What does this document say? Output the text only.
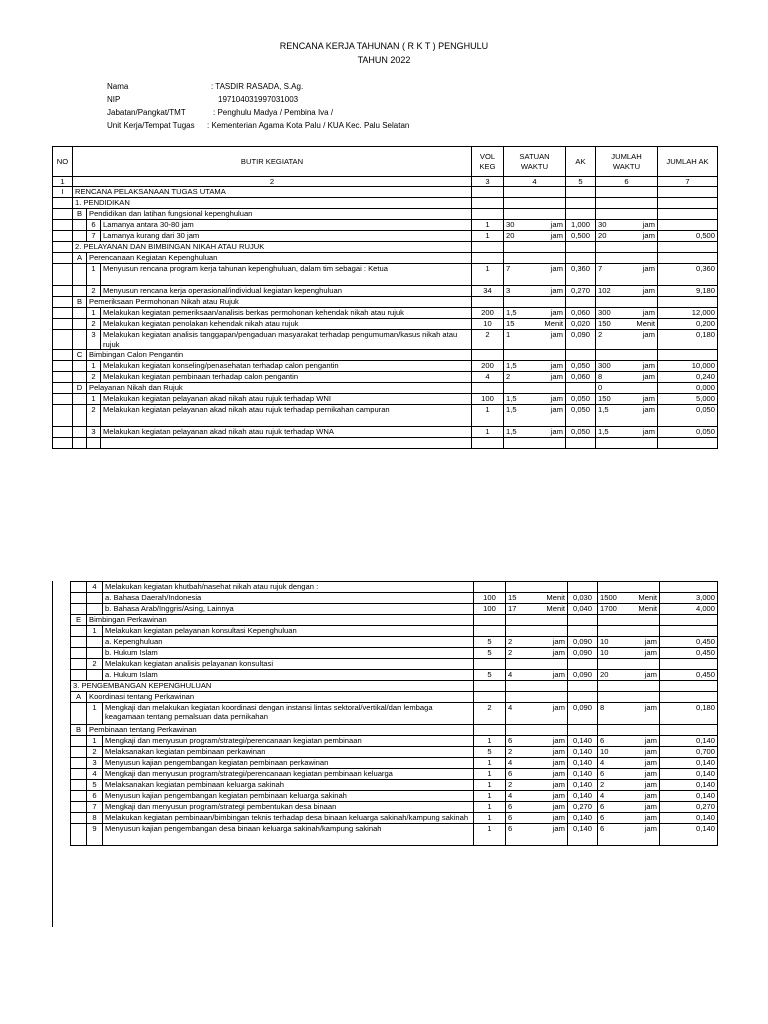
RENCANA KERJA TAHUNAN ( R K T ) PENGHULU
TAHUN 2022
Nama	: TASDIR RASADA, S.Ag.
NIP	197104031997031003
Jabatan/Pangkat/TMT	: Penghulu Madya / Pembina Iva /
Unit Kerja/Tempat Tugas : Kementerian Agama Kota Palu / KUA Kec. Palu Selatan
NO	BUTIR KEGIATAN			VOL KEG	SATUAN WAKTU	AK	JUMLAH WAKTU	JUMLAH AK
1	2			3	4	5	6	7
I	RENCANA PELAKSANAAN TUGAS UTAMA							
	1. PENDIDIKAN							
	B	Pendidikan dan latihan fungsional kepenghuluan						
		6	Lamanya antara 30-80 jam	1	30 jam	1,000	30 jam	

		7	Lamanya kurang dari 30 jam	1	20 jam	0,500	20 jam	0,500
	2. PELAYANAN DAN BIMBINGAN NIKAH ATAU RUJUK							
	A	Perencanaan Kegiatan Kepenghuluan						
		1	Menyusun rencana program kerja tahunan kepenghuluan, dalam tim sebagai : Ketua	1	7 jam	0,360	7 jam	0,360
		2	Menyusun rencana kerja operasional/individual kegiatan kepenghuluan	34	3 jam	0,270	102 jam	9,180
	B	Pemeriksaan Permohonan Nikah atau Rujuk						
		1	Melakukan kegiatan pemeriksaan/analisis berkas permohonan kehendak nikah atau rujuk	200	1,5 jam	0,060	300 jam	12,000
		2	Melakukan kegiatan penolakan kehendak nikah atau rujuk	10	15 Menit	0,020	150 Menit	0,200
		3	Melakukan kegiatan analisis tanggapan/pengaduan masyarakat terhadap pengumuman/kasus nikah atau rujuk	2	1 jam	0,090	2 jam	0,180
	C	Bimbingan Calon Pengantin						
		1	Melakukan kegiatan konseling/penasehatan terhadap calon pengantin	200	1,5 jam	0,050	300 jam	10,000
		2	Melakukan kegiatan pembinaan terhadap calon pengantin	4	2 jam	0,060	8 jam	0,240
	D	Pelayanan Nikah dan Rujuk					0	0,000
		1	Melakukan kegiatan pelayanan akad nikah atau rujuk terhadap WNI	100	1,5 jam	0,050	150 jam	5,000
		2	Melakukan kegiatan pelayanan akad nikah atau rujuk terhadap pernikahan campuran	1	1,5 jam	0,050	1,5 jam	0,050
		3	Melakukan kegiatan pelayanan akad nikah atau rujuk terhadap WNA	1	1,5 jam	0,050	1,5 jam	0,050

	4	Melakukan kegiatan khutbah/nasehat nikah atau rujuk dengan :					
		a. Bahasa Daerah/Indonesia	100	15 Menit	0,030	1500 Menit	3,000
		b. Bahasa Arab/Inggris/Asing, Lainnya	100	17 Menit	0,040	1700 Menit	4,000
E	Bimbingan Perkawinan						
	1	Melakukan kegiatan pelayanan konsultasi Kepenghuluan					
		a. Kepenghuluan	5	2 jam	0,090	10 jam	0,450
		b. Hukum Islam	5	2 jam	0,090	10 jam	0,450
	2	Melakukan kegiatan analisis pelayanan konsultasi					
		a. Hukum Islam	5	4 jam	0,090	20 jam	0,450
3. PENGEMBANGAN KEPENGHULUAN							
A	Koordinasi tentang Perkawinan						
	1	Mengkaji dan melakukan kegiatan koordinasi dengan instansi lintas sektoral/vertikal/dan lembaga keagamaan tentang pemalsuan data pernikahan	2	4 jam	0,090	8 jam	0,180
B	Pembinaan tentang Perkawinan						
	1	Mengkaji dan menyusun program/strategi/perencanaan kegiatan pembinaan	1	6 jam	0,140	6 jam	0,140
	2	Melaksanakan kegiatan pembinaan perkawinan	5	2 jam	0,140	10 jam	0,700
	3	Menyusun kajian pengembangan kegiatan pembinaan perkawinan	1	4 jam	0,140	4 jam	0,140
	4	Mengkaji dan menyusun program/strategi/perencanaan kegiatan pembinaan keluarga	1	6 jam	0,140	6 jam	0,140
	5	Melaksanakan kegiatan pembinaan keluarga sakinah	1	2 jam	0,140	2 jam	0,140
	6	Menyusun kajian pengembangan kegiatan pembinaan keluarga sakinah	1	4 jam	0,140	4 jam	0,140
	7	Mengkaji dan menyusun program/strategi pembentukan desa binaan	1	6 jam	0,270	6 jam	0,270
	8	Melakukan kegiatan pembinaan/bimbingan teknis terhadap desa binaan keluarga sakinah/kampung sakinah	1	6 jam	0,140	6 jam	0,140
	9	Menyusun kajian pengembangan desa binaan keluarga sakinah/kampung sakinah	1	6 jam	0,140	6 jam	0,140
